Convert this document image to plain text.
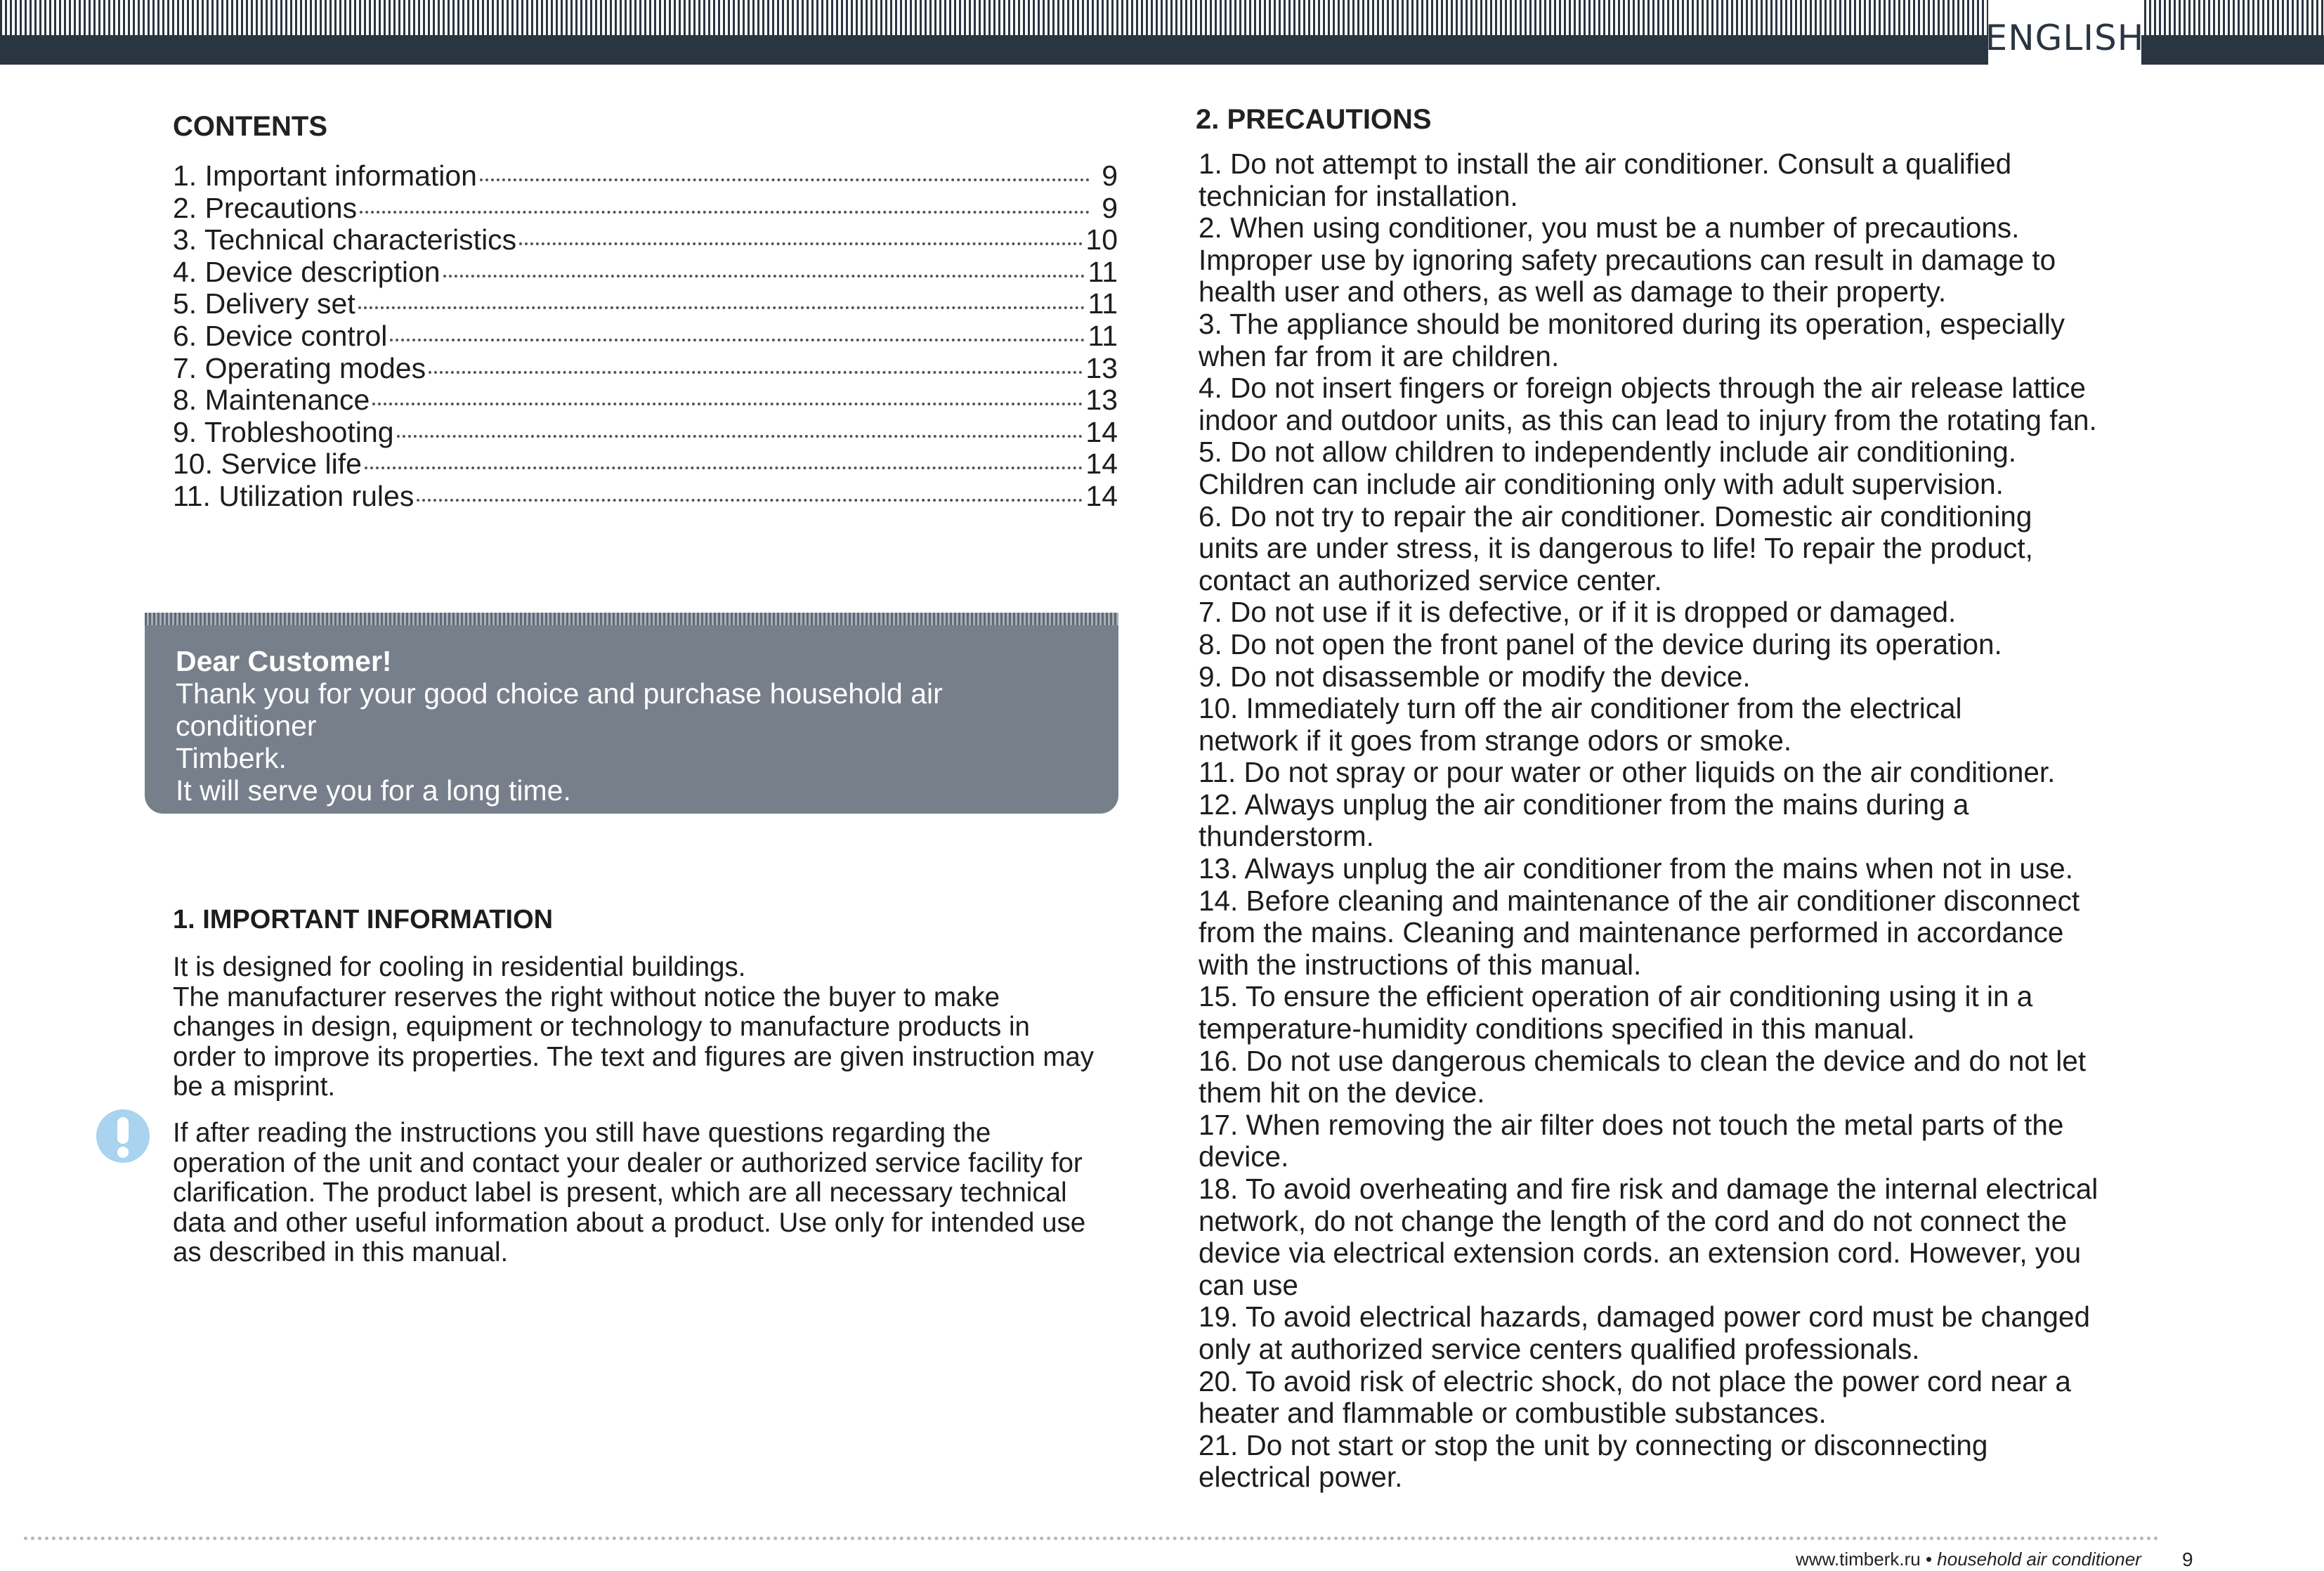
ENGLISH
CONTENTS
1. Important information	9
2. Precautions	9
3. Technical characteristics	10
4. Device description	11
5. Delivery set	11
6. Device control	11
7. Operating modes	13
8. Maintenance	13
9. Trobleshooting	14
10. Service life	14
11. Utilization rules	14
Dear Customer!
Thank you for your good choice and purchase household air conditioner
Timberk.
It will serve you for a long time.
1. IMPORTANT INFORMATION
It is designed for cooling in residential buildings.
The manufacturer reserves the right without notice the buyer to make
changes in design, equipment or technology to manufacture products in
order to improve its properties. The text and figures are given instruction may
be a misprint.
If after reading the instructions you still have questions regarding the
operation of the unit and contact your dealer or authorized service facility for
clarification. The product label is present, which are all necessary technical
data and other useful information about a product. Use only for intended use
as described in this manual.
2. PRECAUTIONS
1. Do not attempt to install the air conditioner. Consult a qualified
technician for installation.
2. When using conditioner, you must be a number of precautions.
Improper use by ignoring safety precautions can result in damage to
health user and others, as well as damage to their property.
3. The appliance should be monitored during its operation, especially
when far from it are children.
4. Do not insert fingers or foreign objects through the air release lattice
indoor and outdoor units, as this can lead to injury from the rotating fan.
5. Do not allow children to independently include air conditioning.
Children can include air conditioning only with adult supervision.
6. Do not try to repair the air conditioner. Domestic air conditioning
units are under stress, it is dangerous to life! To repair the product,
contact an authorized service center.
7. Do not use if it is defective, or if it is dropped or damaged.
8. Do not open the front panel of the device during its operation.
9. Do not disassemble or modify the device.
10. Immediately turn off the air conditioner from the electrical
network if it goes from strange odors or smoke.
11. Do not spray or pour water or other liquids on the air conditioner.
12. Always unplug the air conditioner from the mains during a
thunderstorm.
13. Always unplug the air conditioner from the mains when not in use.
14. Before cleaning and maintenance of the air conditioner disconnect
from the mains. Cleaning and maintenance performed in accordance
with the instructions of this manual.
15. To ensure the efficient operation of air conditioning using it in a
temperature-humidity conditions specified in this manual.
16. Do not use dangerous chemicals to clean the device and do not let
them hit on the device.
17. When removing the air filter does not touch the metal parts of the
device.
18. To avoid overheating and fire risk and damage the internal electrical
network, do not change the length of the cord and do not connect the
device via electrical extension cords. an extension cord. However, you
can use
19. To avoid electrical hazards, damaged power cord must be changed
only at authorized service centers qualified professionals.
20. To avoid risk of electric shock, do not place the power cord near a
heater and flammable or combustible substances.
21. Do not start or stop the unit by connecting or disconnecting
electrical power.
www.timberk.ru • household air conditioner 9
